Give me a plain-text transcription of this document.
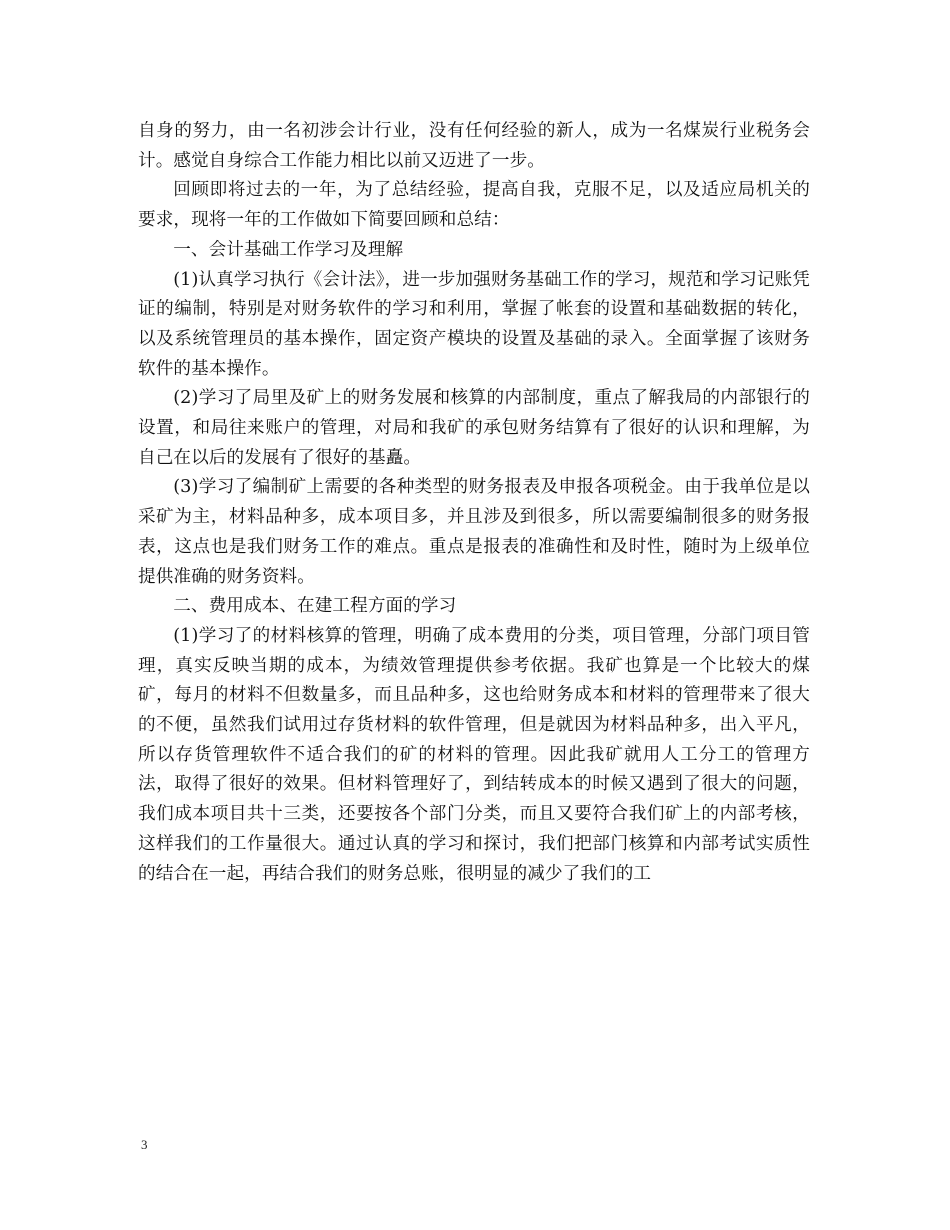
自身的努力，由一名初涉会计行业，没有任何经验的新人，成为一名煤炭行业税务会计。感觉自身综合工作能力相比以前又迈进了一步。

回顾即将过去的一年，为了总结经验，提高自我，克服不足，以及适应局机关的要求，现将一年的工作做如下简要回顾和总结：

一、会计基础工作学习及理解

(1)认真学习执行《会计法》，进一步加强财务基础工作的学习，规范和学习记账凭证的编制，特别是对财务软件的学习和利用，掌握了帐套的设置和基础数据的转化，以及系统管理员的基本操作，固定资产模块的设置及基础的录入。全面掌握了该财务软件的基本操作。

(2)学习了局里及矿上的财务发展和核算的内部制度，重点了解我局的内部银行的设置，和局往来账户的管理，对局和我矿的承包财务结算有了很好的认识和理解，为自己在以后的发展有了很好的基矗。

(3)学习了编制矿上需要的各种类型的财务报表及申报各项税金。由于我单位是以采矿为主，材料品种多，成本项目多，并且涉及到很多，所以需要编制很多的财务报表，这点也是我们财务工作的难点。重点是报表的准确性和及时性，随时为上级单位提供准确的财务资料。

二、费用成本、在建工程方面的学习

(1)学习了的材料核算的管理，明确了成本费用的分类，项目管理，分部门项目管理，真实反映当期的成本，为绩效管理提供参考依据。我矿也算是一个比较大的煤矿，每月的材料不但数量多，而且品种多，这也给财务成本和材料的管理带来了很大的不便，虽然我们试用过存货材料的软件管理，但是就因为材料品种多，出入平凡，所以存货管理软件不适合我们的矿的材料的管理。因此我矿就用人工分工的管理方法，取得了很好的效果。但材料管理好了，到结转成本的时候又遇到了很大的问题，我们成本项目共十三类，还要按各个部门分类，而且又要符合我们矿上的内部考核，这样我们的工作量很大。通过认真的学习和探讨，我们把部门核算和内部考试实质性的结合在一起，再结合我们的财务总账，很明显的减少了我们的工

3
